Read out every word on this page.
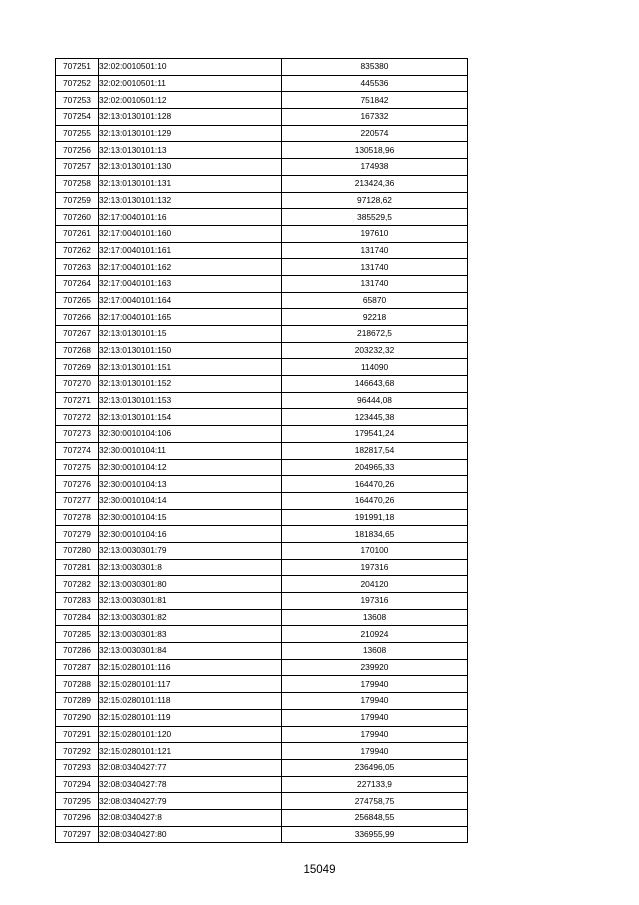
707251	32:02:0010501:10	835380
707252	32:02:0010501:11	445536
707253	32:02:0010501:12	751842
707254	32:13:0130101:128	167332
707255	32:13:0130101:129	220574
707256	32:13:0130101:13	130518,96
707257	32:13:0130101:130	174938
707258	32:13:0130101:131	213424,36
707259	32:13:0130101:132	97128,62
707260	32:17:0040101:16	385529,5
707261	32:17:0040101:160	197610
707262	32:17:0040101:161	131740
707263	32:17:0040101:162	131740
707264	32:17:0040101:163	131740
707265	32:17:0040101:164	65870
707266	32:17:0040101:165	92218
707267	32:13:0130101:15	218672,5
707268	32:13:0130101:150	203232,32
707269	32:13:0130101:151	114090
707270	32:13:0130101:152	146643,68
707271	32:13:0130101:153	96444,08
707272	32:13:0130101:154	123445,38
707273	32:30:0010104:106	179541,24
707274	32:30:0010104:11	182817,54
707275	32:30:0010104:12	204965,33
707276	32:30:0010104:13	164470,26
707277	32:30:0010104:14	164470,26
707278	32:30:0010104:15	191991,18
707279	32:30:0010104:16	181834,65
707280	32:13:0030301:79	170100
707281	32:13:0030301:8	197316
707282	32:13:0030301:80	204120
707283	32:13:0030301:81	197316
707284	32:13:0030301:82	13608
707285	32:13:0030301:83	210924
707286	32:13:0030301:84	13608
707287	32:15:0280101:116	239920
707288	32:15:0280101:117	179940
707289	32:15:0280101:118	179940
707290	32:15:0280101:119	179940
707291	32:15:0280101:120	179940
707292	32:15:0280101:121	179940
707293	32:08:0340427:77	236496,05
707294	32:08:0340427:78	227133,9
707295	32:08:0340427:79	274758,75
707296	32:08:0340427:8	256848,55
707297	32:08:0340427:80	336955,99
15049
